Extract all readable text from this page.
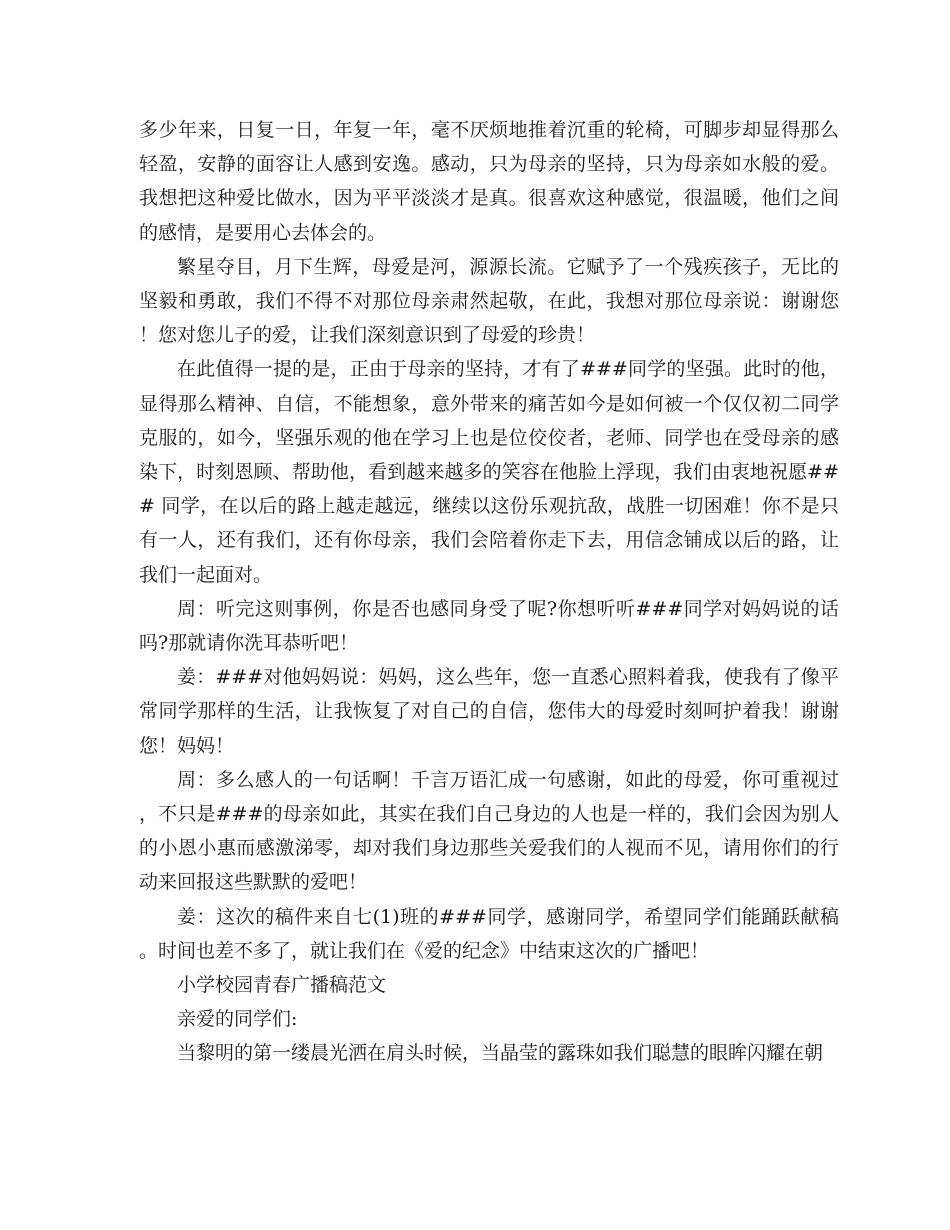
多少年来，日复一日，年复一年，毫不厌烦地推着沉重的轮椅，可脚步却显得那么轻盈，安静的面容让人感到安逸。感动，只为母亲的坚持，只为母亲如水般的爱。我想把这种爱比做水，因为平平淡淡才是真。很喜欢这种感觉，很温暖，他们之间的感情，是要用心去体会的。

繁星夺目，月下生辉，母爱是河，源源长流。它赋予了一个残疾孩子，无比的坚毅和勇敢，我们不得不对那位母亲肃然起敬，在此，我想对那位母亲说：谢谢您！您对您儿子的爱，让我们深刻意识到了母爱的珍贵！

在此值得一提的是，正由于母亲的坚持，才有了###同学的坚强。此时的他，显得那么精神、自信，不能想象，意外带来的痛苦如今是如何被一个仅仅初二同学克服的，如今，坚强乐观的他在学习上也是位佼佼者，老师、同学也在受母亲的感染下，时刻恩顾、帮助他，看到越来越多的笑容在他脸上浮现，我们由衷地祝愿### 同学，在以后的路上越走越远，继续以这份乐观抗敌，战胜一切困难！你不是只有一人，还有我们，还有你母亲，我们会陪着你走下去，用信念铺成以后的路，让我们一起面对。

周：听完这则事例，你是否也感同身受了呢?你想听听###同学对妈妈说的话吗?那就请你洗耳恭听吧！

姜：###对他妈妈说：妈妈，这么些年，您一直悉心照料着我，使我有了像平常同学那样的生活，让我恢复了对自己的自信，您伟大的母爱时刻呵护着我！谢谢您！妈妈！

周：多么感人的一句话啊！千言万语汇成一句感谢，如此的母爱，你可重视过，不只是###的母亲如此，其实在我们自己身边的人也是一样的，我们会因为别人的小恩小惠而感激涕零，却对我们身边那些关爱我们的人视而不见，请用你们的行动来回报这些默默的爱吧！

姜：这次的稿件来自七(1)班的###同学，感谢同学，希望同学们能踊跃献稿。时间也差不多了，就让我们在《爱的纪念》中结束这次的广播吧！

小学校园青春广播稿范文

亲爱的同学们:

当黎明的第一缕晨光洒在肩头时候，当晶莹的露珠如我们聪慧的眼眸闪耀在朝
